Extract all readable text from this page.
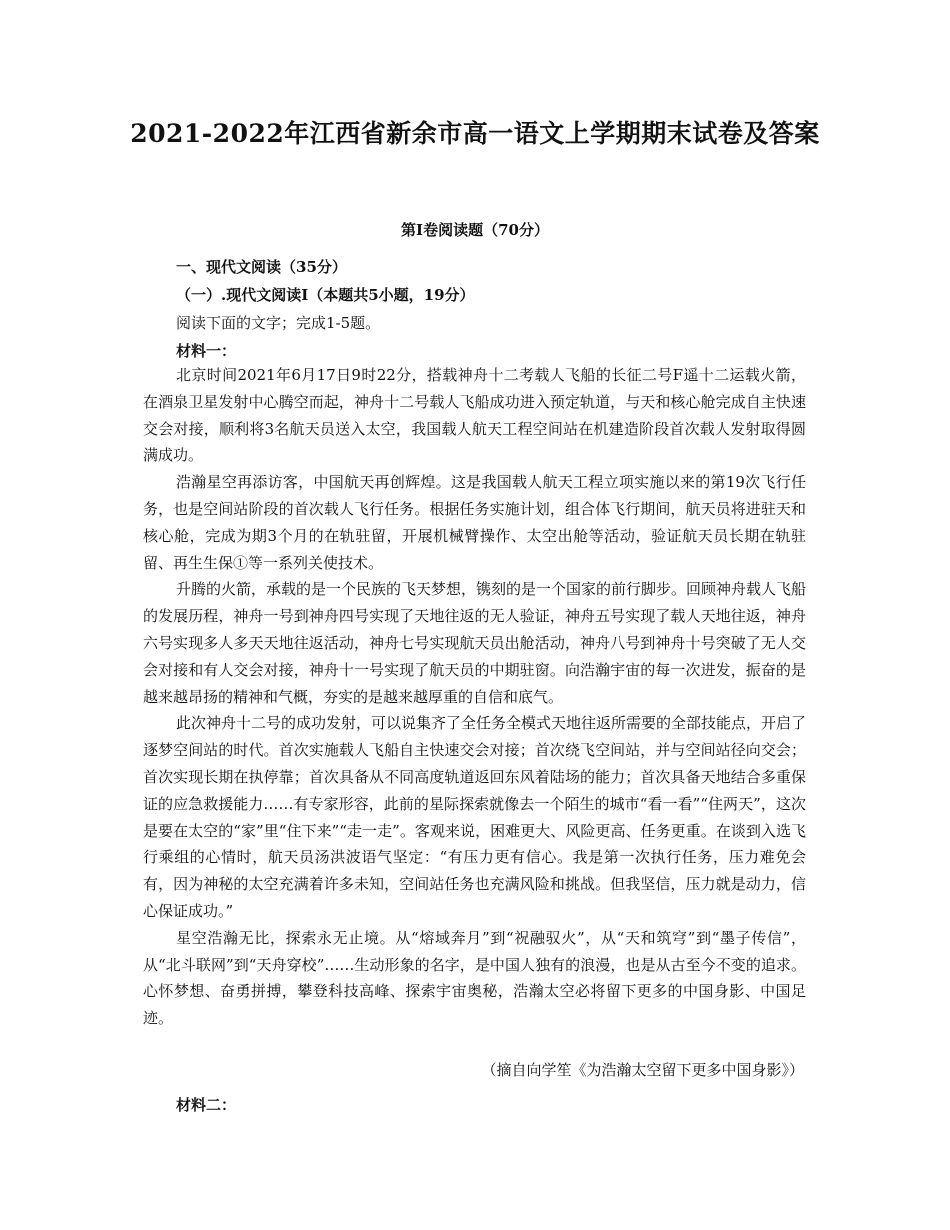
2021-2022年江西省新余市高一语文上学期期末试卷及答案
第Ⅰ卷阅读题（70分）
一、现代文阅读（35分）
（一）.现代文阅读Ⅰ（本题共5小题，19分）
阅读下面的文字；完成1-5题。
材料一：

北京时间2021年6月17日9时22分，搭载神舟十二考载人飞船的长征二号F遥十二运载火箭，在酒泉卫星发射中心腾空而起，神舟十二号载人飞船成功进入预定轨道，与天和核心舱完成自主快速交会对接，顺利将3名航天员送入太空，我国载人航天工程空间站在机建造阶段首次载人发射取得圆满成功。

浩瀚星空再添访客，中国航天再创辉煌。这是我国载人航天工程立项实施以来的第19次飞行任务，也是空间站阶段的首次载人飞行任务。根据任务实施计划，组合体飞行期间，航天员将进驻天和核心舱，完成为期3个月的在轨驻留，开展机械臂操作、太空出舱等活动，验证航天员长期在轨驻留、再生生保①等一系列关使技术。

升腾的火箭，承载的是一个民族的飞天梦想，镌刻的是一个国家的前行脚步。回顾神舟载人飞船的发展历程，神舟一号到神舟四号实现了天地往返的无人验证，神舟五号实现了载人天地往返，神舟六号实现多人多天天地往返活动，神舟七号实现航天员出舱活动，神舟八号到神舟十号突破了无人交会对接和有人交会对接，神舟十一号实现了航天员的中期驻窗。向浩瀚宇宙的每一次进发，振奋的是越来越昂扬的精神和气概，夯实的是越来越厚重的自信和底气。

此次神舟十二号的成功发射，可以说集齐了全任务全模式天地往返所需要的全部技能点，开启了逐梦空间站的时代。首次实施载人飞船自主快速交会对接；首次绕飞空间站，并与空间站径向交会；首次实现长期在执停靠；首次具备从不同高度轨道返回东风着陆场的能力；首次具备天地结合多重保证的应急救援能力……有专家形容，此前的星际探索就像去一个陌生的城市“看一看”“住两天”，这次是要在太空的“家”里“住下来”“走一走”。客观来说，困难更大、风险更高、任务更重。在谈到入选飞行乘组的心情时，航天员汤洪波语气坚定：“有压力更有信心。我是第一次执行任务，压力难免会有，因为神秘的太空充满着许多未知，空间站任务也充满风险和挑战。但我坚信，压力就是动力，信心保证成功。”

星空浩瀚无比，探索永无止境。从“熔域奔月”到“祝融驭火”，从“天和筑穹”到“墨子传信”，从“北斗联网”到“天舟穿校”……生动形象的名字，是中国人独有的浪漫，也是从古至今不变的追求。心怀梦想、奋勇拼搏，攀登科技高峰、探索宇宙奥秘，浩瀚太空必将留下更多的中国身影、中国足迹。

（摘自向学笙《为浩瀚太空留下更多中国身影》）
材料二：
